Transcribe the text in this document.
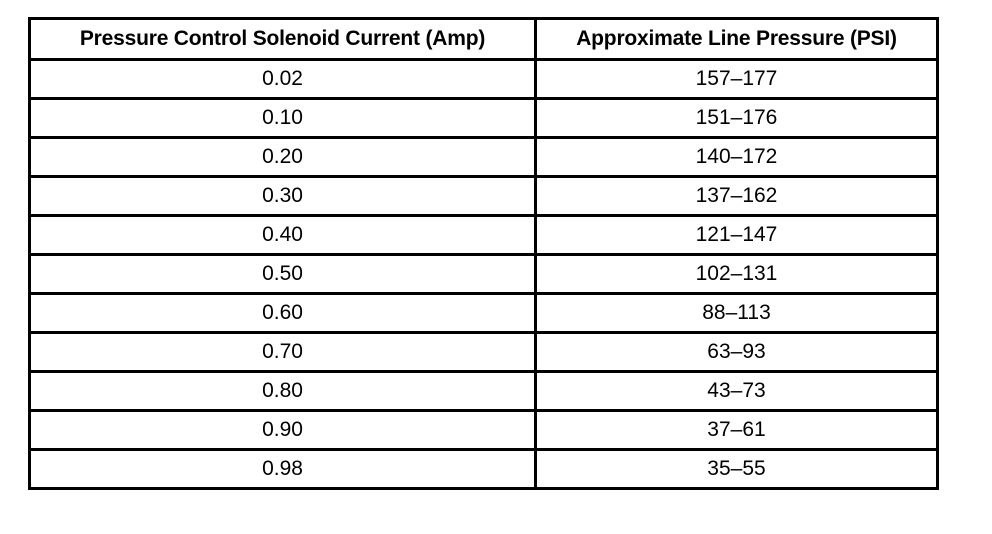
Pressure Control Solenoid Current (Amp)	Approximate Line Pressure (PSI)
0.02	157–177
0.10	151–176
0.20	140–172
0.30	137–162
0.40	121–147
0.50	102–131
0.60	88–113
0.70	63–93
0.80	43–73
0.90	37–61
0.98	35–55
